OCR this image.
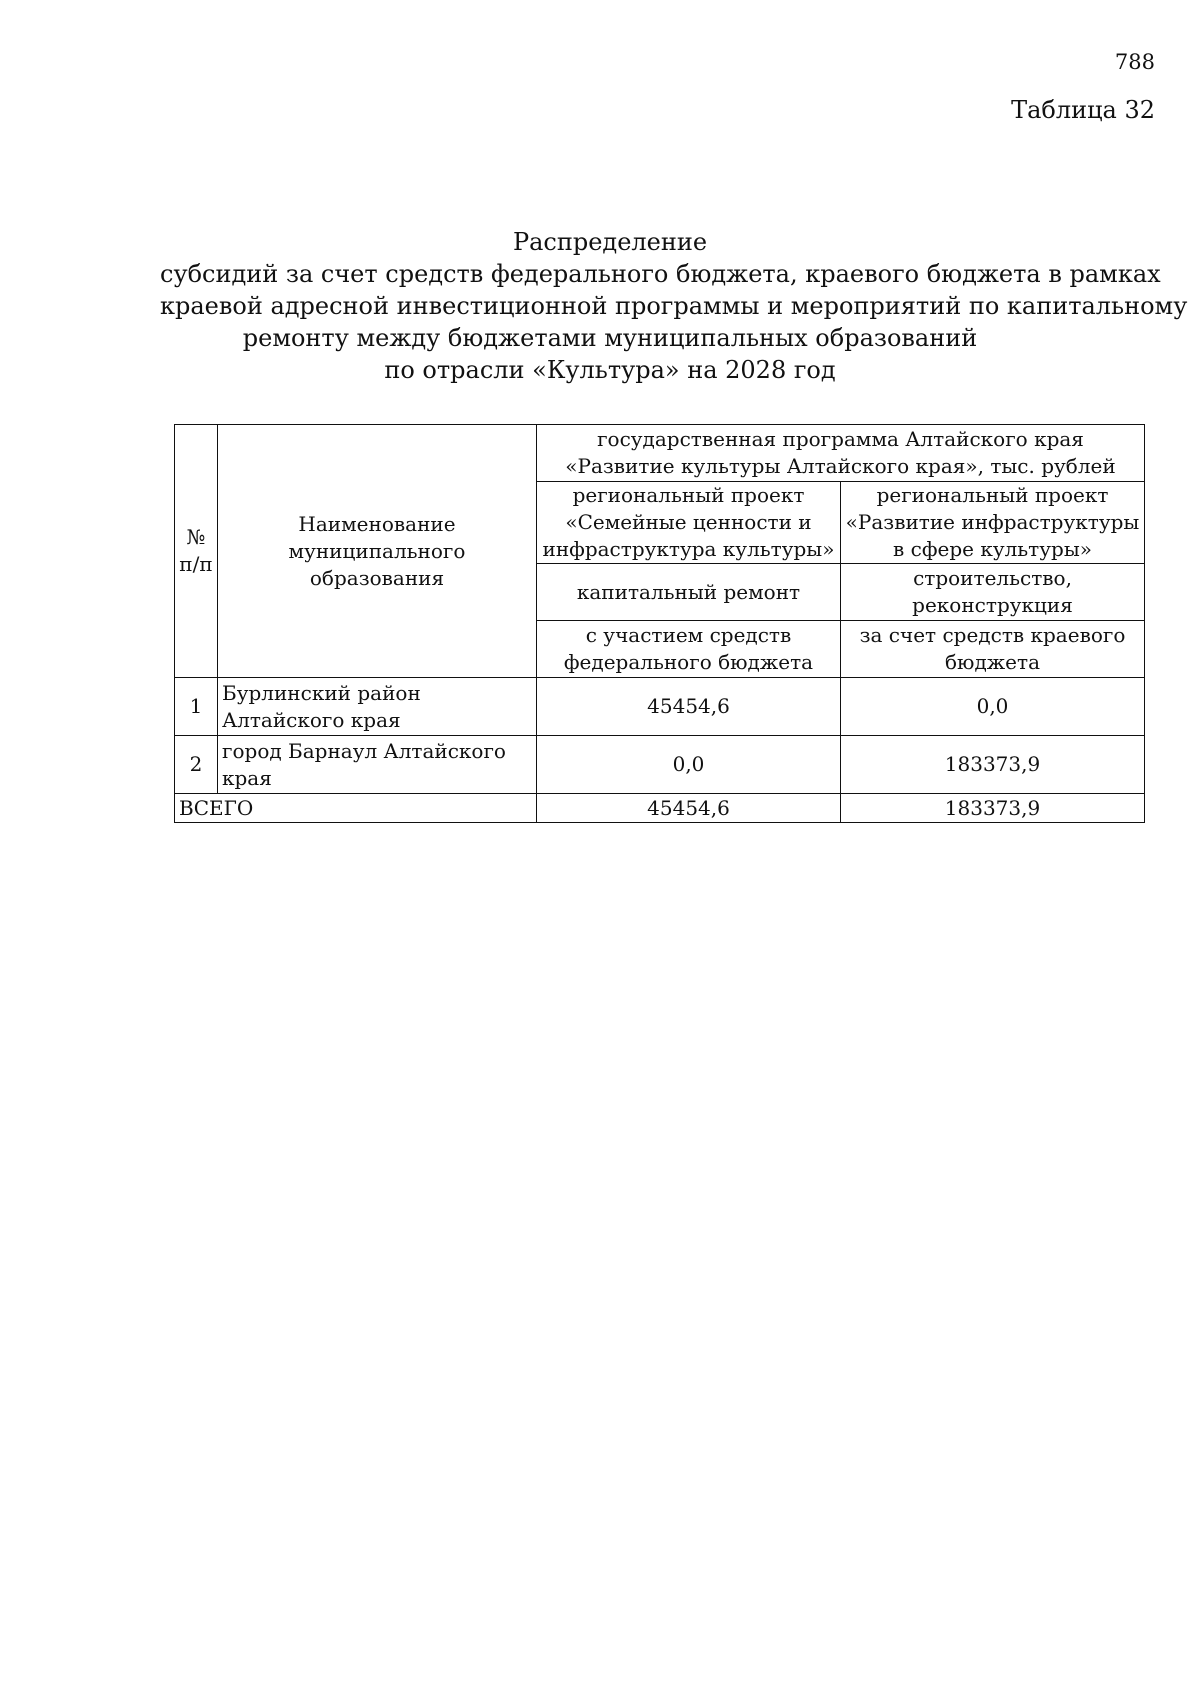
788
Таблица 32
Распределение
субсидий за счет средств федерального бюджета, краевого бюджета в рамках
краевой адресной инвестиционной программы и мероприятий по капитальному
ремонту между бюджетами муниципальных образований
по отрасли «Культура» на 2028 год
№ п/п	Наименование муниципального образования	государственная программа Алтайского края «Развитие культуры Алтайского края», тыс. рублей	
		региональный проект «Семейные ценности и инфраструктура культуры»	региональный проект «Развитие инфраструктуры в сфере культуры»
		капитальный ремонт	строительство, реконструкция
		с участием средств федерального бюджета	за счет средств краевого бюджета
1	Бурлинский район Алтайского края	45454,6	0,0
2	город Барнаул Алтайского края	0,0	183373,9
ВСЕГО		45454,6	183373,9
